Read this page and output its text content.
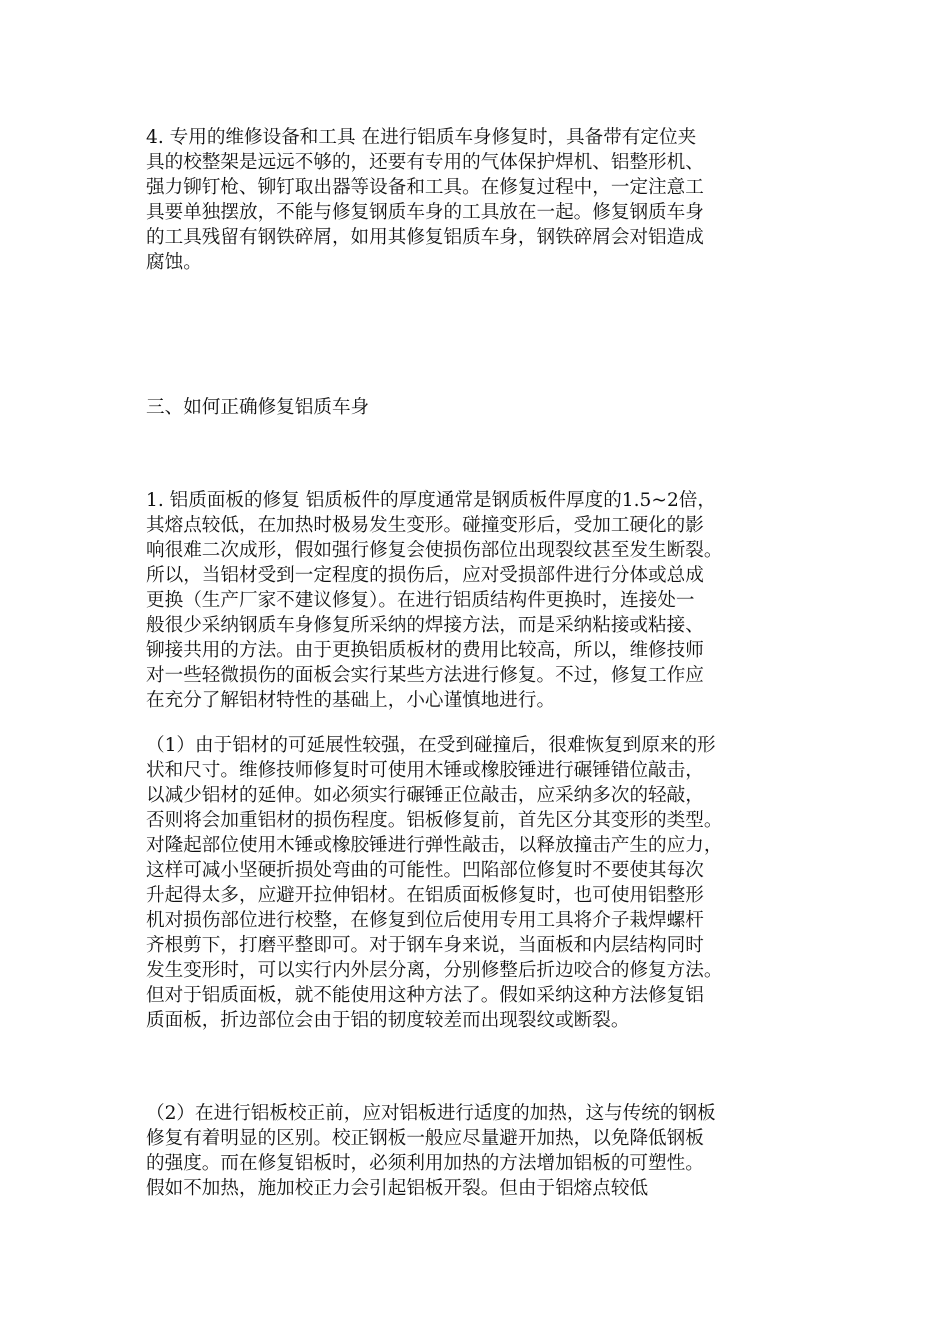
4. 专用的维修设备和工具 在进行铝质车身修复时，具备带有定位夹
具的校整架是远远不够的，还要有专用的气体保护焊机、铝整形机、
强力铆钉枪、铆钉取出器等设备和工具。在修复过程中，一定注意工
具要单独摆放，不能与修复钢质车身的工具放在一起。修复钢质车身
的工具残留有钢铁碎屑，如用其修复铝质车身，钢铁碎屑会对铝造成
腐蚀。
三、如何正确修复铝质车身
1. 铝质面板的修复 铝质板件的厚度通常是钢质板件厚度的1.5~2倍，
其熔点较低，在加热时极易发生变形。碰撞变形后，受加工硬化的影
响很难二次成形，假如强行修复会使损伤部位出现裂纹甚至发生断裂。
所以，当铝材受到一定程度的损伤后，应对受损部件进行分体或总成
更换（生产厂家不建议修复）。在进行铝质结构件更换时，连接处一
般很少采纳钢质车身修复所采纳的焊接方法，而是采纳粘接或粘接、
铆接共用的方法。由于更换铝质板材的费用比较高，所以，维修技师
对一些轻微损伤的面板会实行某些方法进行修复。不过，修复工作应
在充分了解铝材特性的基础上，小心谨慎地进行。
（1）由于铝材的可延展性较强，在受到碰撞后，很难恢复到原来的形
状和尺寸。维修技师修复时可使用木锤或橡胶锤进行碾锤错位敲击，
以减少铝材的延伸。如必须实行碾锤正位敲击，应采纳多次的轻敲，
否则将会加重铝材的损伤程度。铝板修复前，首先区分其变形的类型。
对隆起部位使用木锤或橡胶锤进行弹性敲击，以释放撞击产生的应力，
这样可减小坚硬折损处弯曲的可能性。凹陷部位修复时不要使其每次
升起得太多，应避开拉伸铝材。在铝质面板修复时，也可使用铝整形
机对损伤部位进行校整，在修复到位后使用专用工具将介子栽焊螺杆
齐根剪下，打磨平整即可。对于钢车身来说，当面板和内层结构同时
发生变形时，可以实行内外层分离，分别修整后折边咬合的修复方法。
但对于铝质面板，就不能使用这种方法了。假如采纳这种方法修复铝
质面板，折边部位会由于铝的韧度较差而出现裂纹或断裂。
（2）在进行铝板校正前，应对铝板进行适度的加热，这与传统的钢板
修复有着明显的区别。校正钢板一般应尽量避开加热，以免降低钢板
的强度。而在修复铝板时，必须利用加热的方法增加铝板的可塑性。
假如不加热，施加校正力会引起铝板开裂。但由于铝熔点较低
